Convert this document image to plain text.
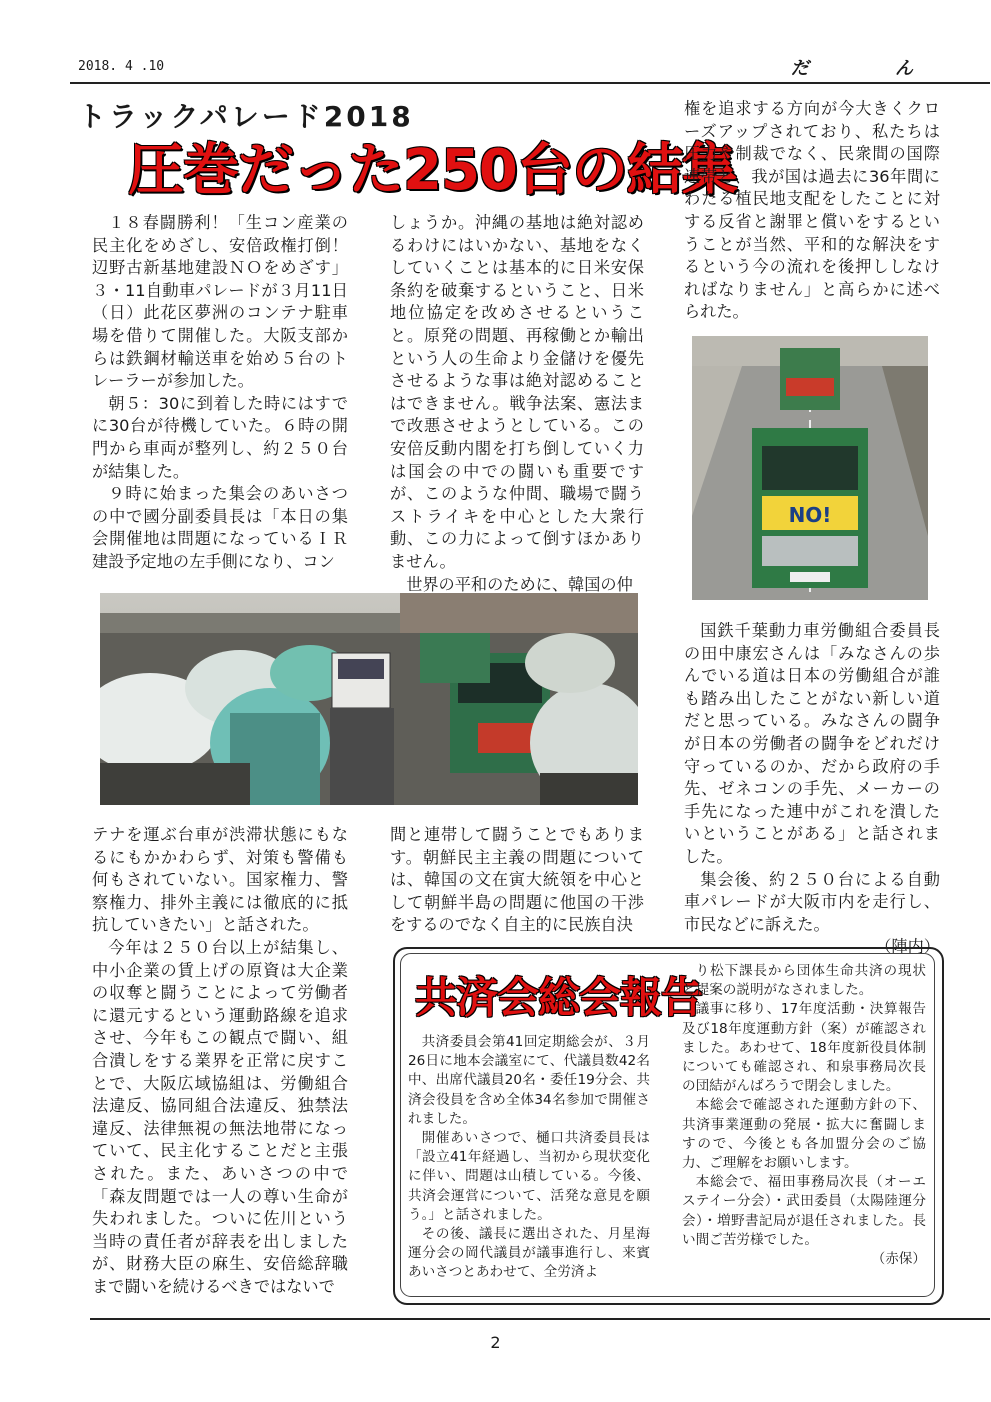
2018. 4 .10	だ ん
トラックパレード2018
圧巻だった250台の結集

１８春闘勝利！「生コン産業の民主化をめざし、安倍政権打倒！辺野古新基地建設ＮＯをめざす」３・11自動車パレードが３月11日（日）此花区夢洲のコンテナ駐車場を借りて開催した。大阪支部からは鉄鋼材輸送車を始め５台のトレーラーが参加した。

朝５：30に到着した時にはすでに30台が待機していた。６時の開門から車両が整列し、約２５０台が結集した。

９時に始まった集会のあいさつの中で國分副委員長は「本日の集会開催地は問題になっているＩＲ建設予定地の左手側になり、コン

しょうか。沖縄の基地は絶対認めるわけにはいかない、基地をなくしていくことは基本的に日米安保条約を破棄するということ、日米地位協定を改めさせるということ。原発の問題、再稼働とか輸出という人の生命より金儲けを優先させるような事は絶対認めることはできません。戦争法案、憲法まで改悪させようとしている。この安倍反動内閣を打ち倒していく力は国会の中での闘いも重要ですが、このような仲間、職場で闘うストライキを中心とした大衆行動、この力によって倒すほかありません。

世界の平和のために、韓国の仲

権を追求する方向が今大きくクローズアップされており、私たちは圧力や制裁でなく、民衆間の国際連帯と、我が国は過去に36年間にわたる植民地支配をしたことに対する反省と謝罪と償いをするということが当然、平和的な解決をするという今の流れを後押ししなければなりません」と高らかに述べられた。

NO!

テナを運ぶ台車が渋滞状態にもなるにもかかわらず、対策も警備も何もされていない。国家権力、警察権力、排外主義には徹底的に抵抗していきたい」と話された。

今年は２５０台以上が結集し、中小企業の賃上げの原資は大企業の収奪と闘うことによって労働者に還元するという運動路線を追求させ、今年もこの観点で闘い、組合潰しをする業界を正常に戻すことで、大阪広域協組は、労働組合法違反、協同組合法違反、独禁法違反、法律無視の無法地帯になっていて、民主化することだと主張された。また、あいさつの中で「森友問題では一人の尊い生命が失われました。ついに佐川という当時の責任者が辞表を出しましたが、財務大臣の麻生、安倍総辞職まで闘いを続けるべきではないで

間と連帯して闘うことでもあります。朝鮮民主主義の問題については、韓国の文在寅大統領を中心として朝鮮半島の問題に他国の干渉をするのでなく自主的に民族自決

国鉄千葉動力車労働組合委員長の田中康宏さんは「みなさんの歩んでいる道は日本の労働組合が誰も踏み出したことがない新しい道だと思っている。みなさんの闘争が日本の労働者の闘争をどれだけ守っているのか、だから政府の手先、ゼネコンの手先、メーカーの手先になった連中がこれを潰したいということがある」と話されました。

集会後、約２５０台による自動車パレードが大阪市内を走行し、市民などに訴えた。

（陣内）
共済会総会報告

共済委員会第41回定期総会が、３月26日に地本会議室にて、代議員数42名中、出席代議員20名・委任19分会、共済会役員を含め全体34名参加で開催されました。

開催あいさつで、樋口共済委員長は「設立41年経過し、当初から現状変化に伴い、問題は山積している。今後、共済会運営について、活発な意見を願う。」と話されました。

その後、議長に選出された、月星海運分会の岡代議員が議事進行し、来賓あいさつとあわせて、全労済よ

り松下課長から団体生命共済の現状と提案の説明がなされました。

議事に移り、17年度活動・決算報告及び18年度運動方針（案）が確認されました。あわせて、18年度新役員体制についても確認され、和泉事務局次長の団結がんばろうで閉会しました。

本総会で確認された運動方針の下、共済事業運動の発展・拡大に奮闘しますので、今後とも各加盟分会のご協力、ご理解をお願いします。

本総会で、福田事務局次長（オーエステイー分会）・武田委員（太陽陸運分会）・増野書記局が退任されました。長い間ご苦労様でした。

（赤保）
2
